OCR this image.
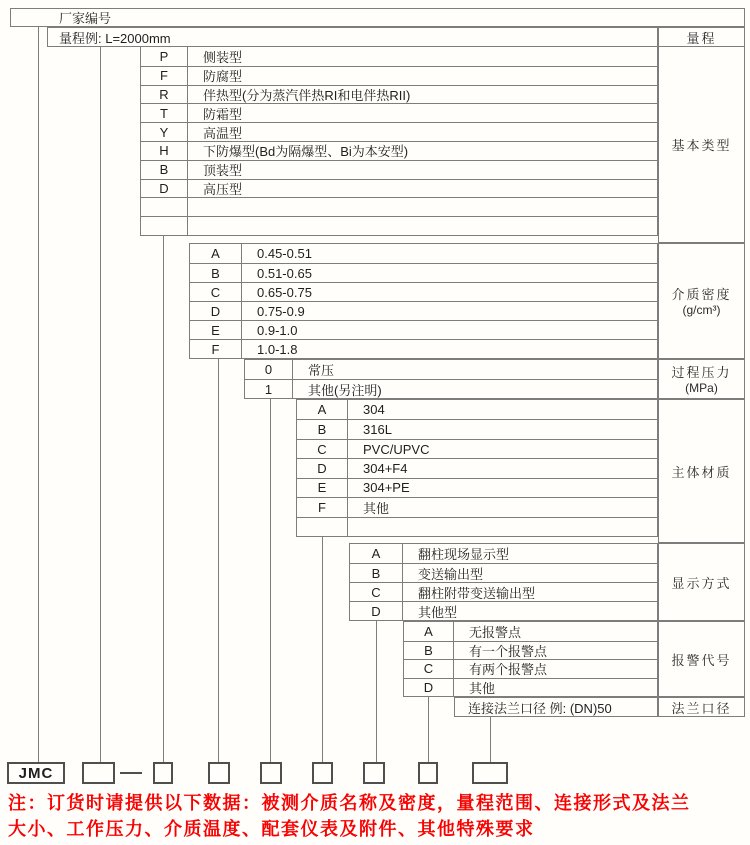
厂家编号
量程例: L=2000mm	量程
P	侧装型
F	防腐型
R	伴热型(分为蒸汽伴热RI和电伴热RII)
T	防霜型
Y	高温型
H	下防爆型(Bd为隔爆型、Bi为本安型)
B	顶装型
D	高压型
基本类型
A	0.45-0.51
B	0.51-0.65
C	0.65-0.75
D	0.75-0.9
E	0.9-1.0
F	1.0-1.8
介质密度
(g/cm³)
0	常压
1	其他(另注明)
过程压力
(MPa)
A	304
B	316L
C	PVC/UPVC
D	304+F4
E	304+PE
F	其他
主体材质
A	翻柱现场显示型
B	变送输出型
C	翻柱附带变送输出型
D	其他型
显示方式
A	无报警点
B	有一个报警点
C	有两个报警点
D	其他
报警代号
连接法兰口径 例: (DN)50	法兰口径
JMC
注：订货时请提供以下数据：被测介质名称及密度，量程范围、连接形式及法兰大小、工作压力、介质温度、配套仪表及附件、其他特殊要求
